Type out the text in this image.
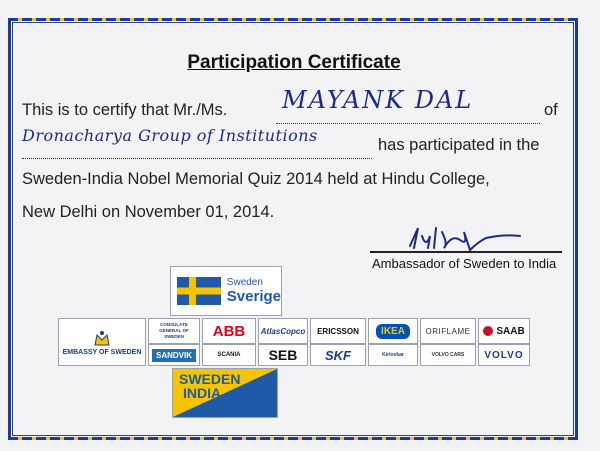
Participation Certificate
This is to certify that Mr./Ms. MAYANK DAL	of
Dronacharya Group of Institutions	has participated in the
Sweden-India Nobel Memorial Quiz 2014 held at Hindu College,
New Delhi on November 01, 2014.
Ambassador of Sweden to India
Sweden
Sverige
EMBASSY OF SWEDEN
CONSULATE GENERAL OF SWEDEN	ABB	AtlasCopco	ERICSSON	IKEA	ORIFLAME	SAAB
SANDVIK	SCANIA	SEB	SKF	Kirloskar	VOLVO CARS	VOLVO
SWEDEN
INDIA	NOBEL
MEMORIAL
WEEK 2014
